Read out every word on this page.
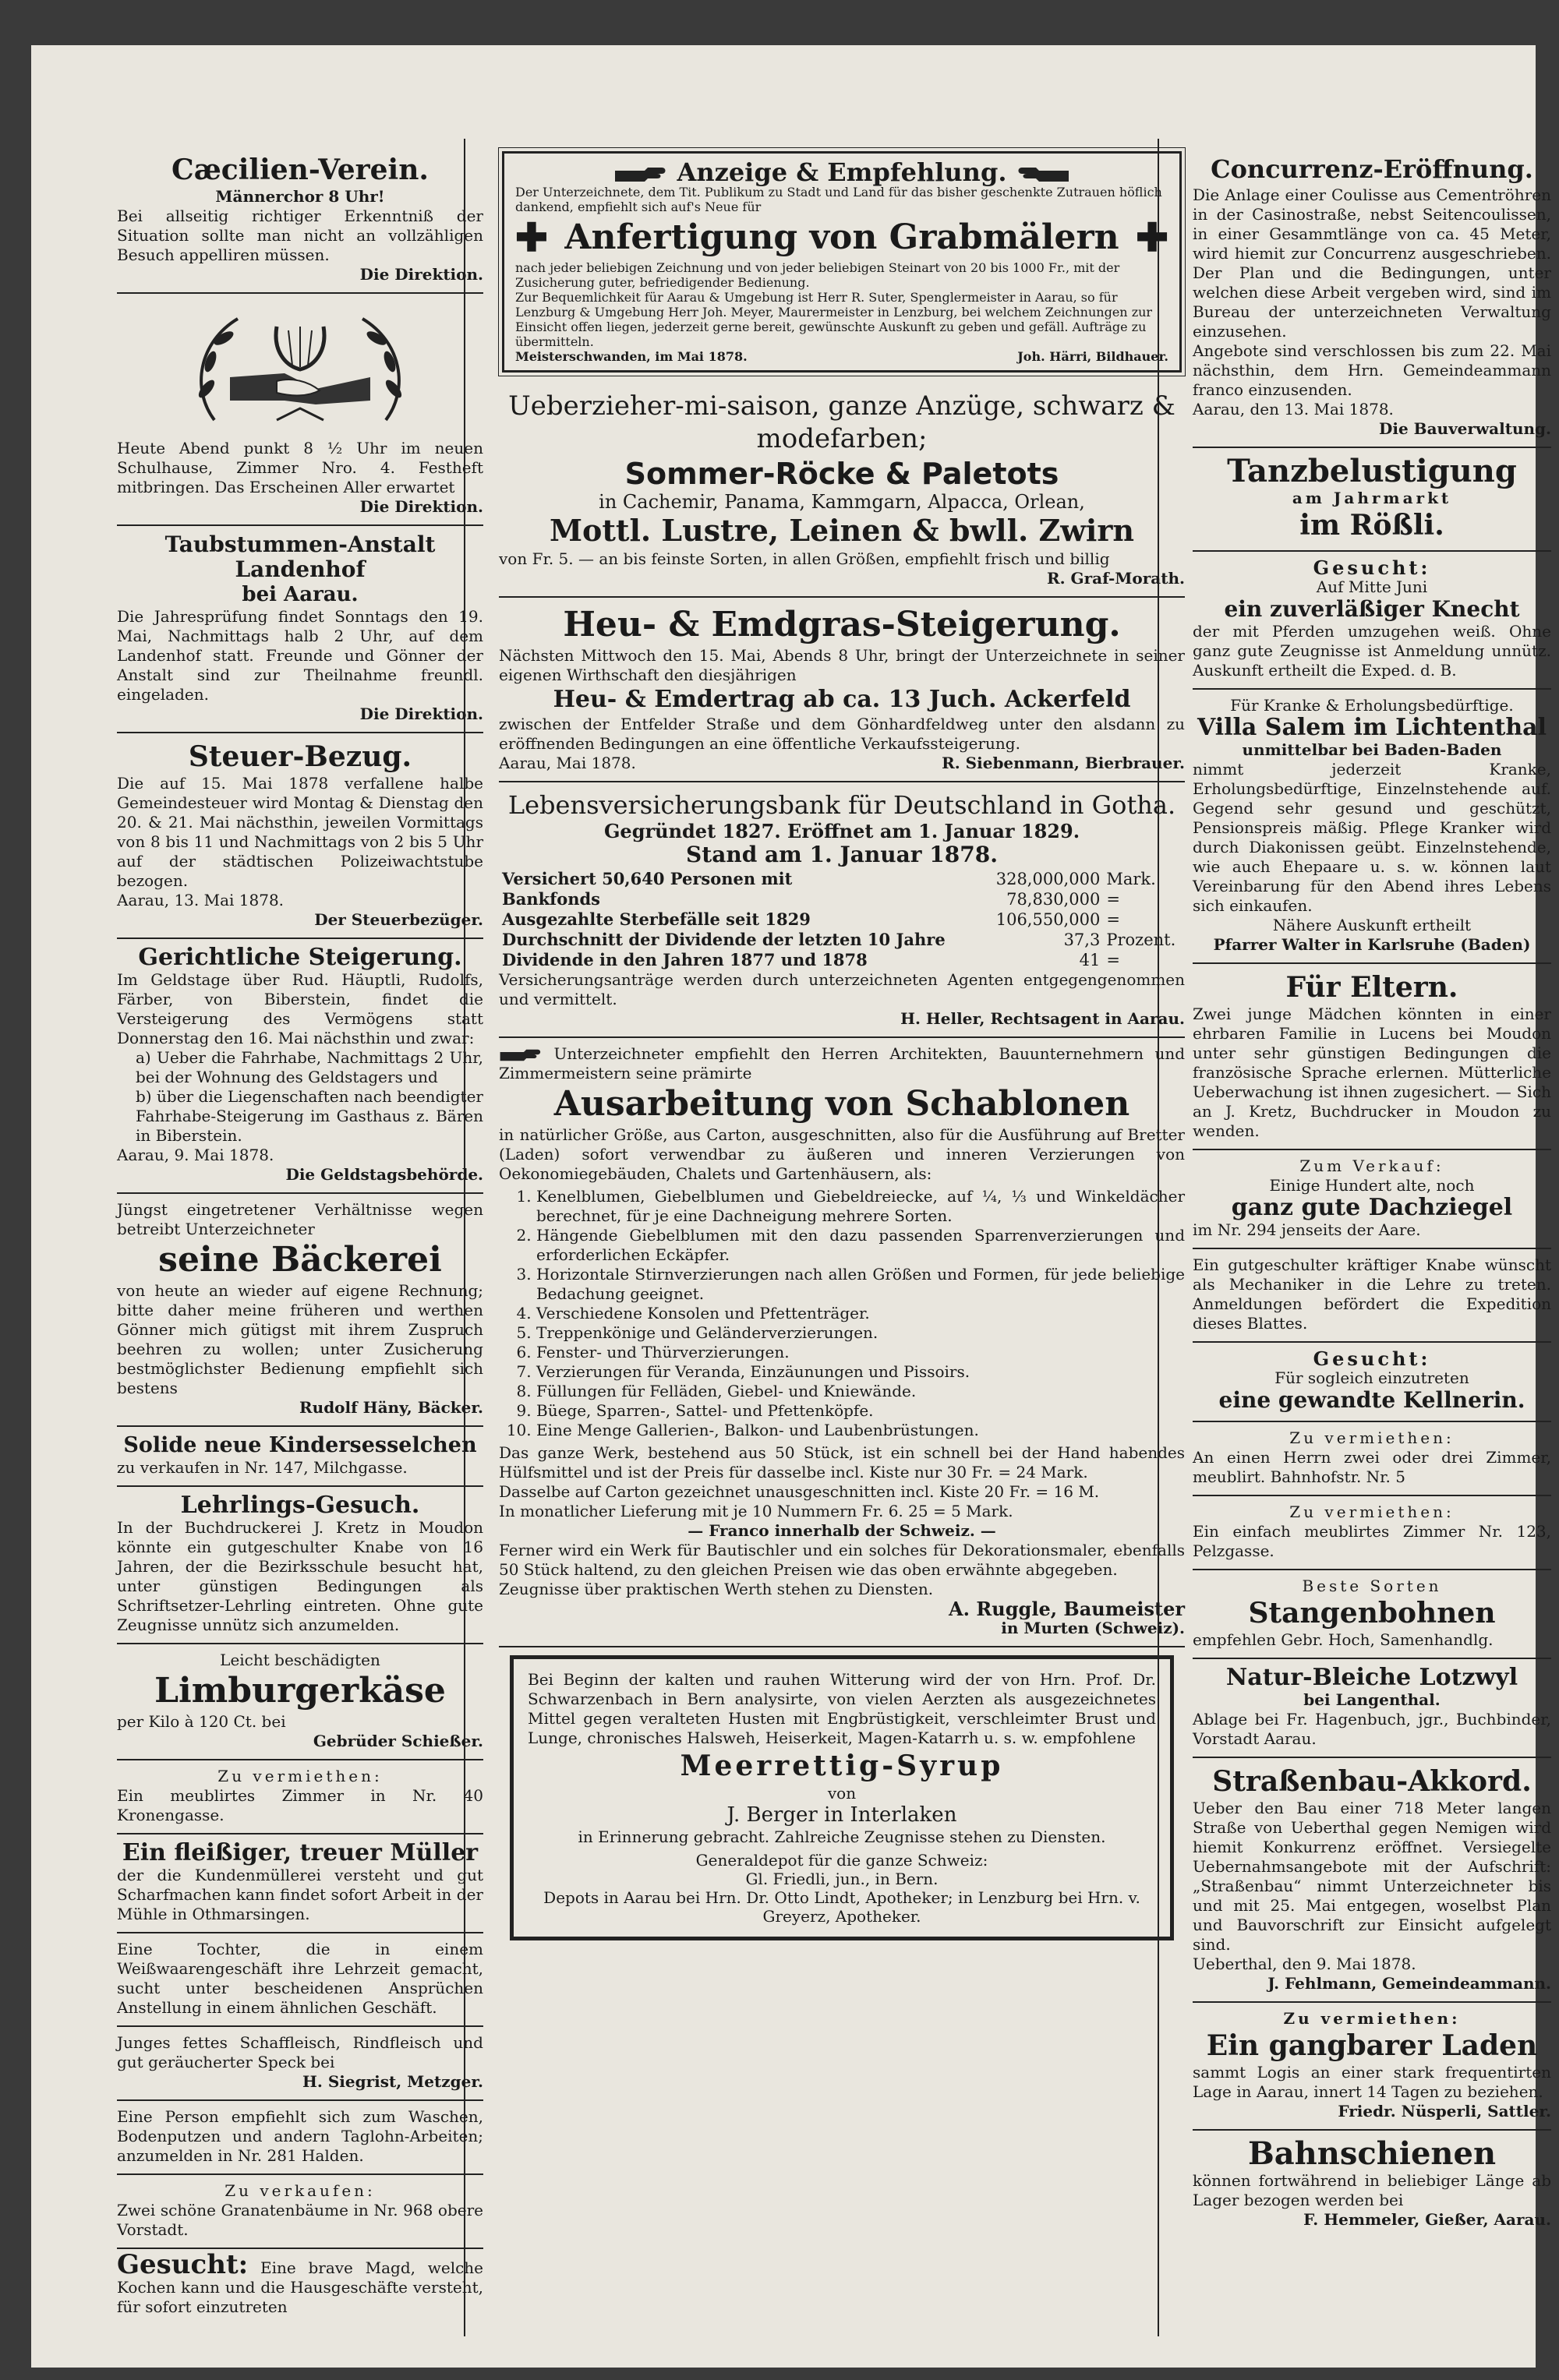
Cæcilien-Verein.
Männerchor 8 Uhr!
Bei allseitig richtiger Erkenntniß der Situation sollte man nicht an vollzähligen Besuch appelliren müssen.
Die Direktion.
Heute Abend punkt 8 ½ Uhr im neuen Schulhause, Zimmer Nro. 4. Festheft mitbringen. Das Erscheinen Aller erwartet
Die Direktion.
Taubstummen-Anstalt Landenhof
bei Aarau.
Die Jahresprüfung findet Sonntags den 19. Mai, Nachmittags halb 2 Uhr, auf dem Landenhof statt. Freunde und Gönner der Anstalt sind zur Theilnahme freundl. eingeladen.
Die Direktion.
Steuer-Bezug.
Die auf 15. Mai 1878 verfallene halbe Gemeindesteuer wird Montag & Dienstag den 20. & 21. Mai nächsthin, jeweilen Vormittags von 8 bis 11 und Nachmittags von 2 bis 5 Uhr auf der städtischen Polizeiwachtstube bezogen.
Aarau, 13. Mai 1878.
Der Steuerbezüger.
Gerichtliche Steigerung.
Im Geldstage über Rud. Häuptli, Rudolfs, Färber, von Biberstein, findet die Versteigerung des Vermögens statt Donnerstag den 16. Mai nächsthin und zwar:
a) Ueber die Fahrhabe, Nachmittags 2 Uhr, bei der Wohnung des Geldstagers und
b) über die Liegenschaften nach beendigter Fahrhabe-Steigerung im Gasthaus z. Bären in Biberstein.
Aarau, 9. Mai 1878.
Die Geldstagsbehörde.
Jüngst eingetretener Verhältnisse wegen betreibt Unterzeichneter
seine Bäckerei
von heute an wieder auf eigene Rechnung; bitte daher meine früheren und werthen Gönner mich gütigst mit ihrem Zuspruch beehren zu wollen; unter Zusicherung bestmöglichster Bedienung empfiehlt sich bestens
Rudolf Häny, Bäcker.
Solide neue Kindersesselchen
zu verkaufen in Nr. 147, Milchgasse.
Lehrlings-Gesuch.
In der Buchdruckerei J. Kretz in Moudon könnte ein gutgeschulter Knabe von 16 Jahren, der die Bezirksschule besucht hat, unter günstigen Bedingungen als Schriftsetzer-Lehrling eintreten. Ohne gute Zeugnisse unnütz sich anzumelden.
Leicht beschädigten
Limburgerkäse
per Kilo à 120 Ct. bei
Gebrüder Schießer.
Zu vermiethen:
Ein meublirtes Zimmer in Nr. 40 Kronengasse.
Ein fleißiger, treuer Müller
der die Kundenmüllerei versteht und gut Scharfmachen kann findet sofort Arbeit in der Mühle in Othmarsingen.
Eine Tochter, die in einem Weißwaarengeschäft ihre Lehrzeit gemacht, sucht unter bescheidenen Ansprüchen Anstellung in einem ähnlichen Geschäft.
Junges fettes Schaffleisch, Rindfleisch und gut geräucherter Speck bei
H. Siegrist, Metzger.
Eine Person empfiehlt sich zum Waschen, Bodenputzen und andern Taglohn-Arbeiten; anzumelden in Nr. 281 Halden.
Zu verkaufen:
Zwei schöne Granatenbäume in Nr. 968 obere Vorstadt.
Gesucht: Eine brave Magd, welche Kochen kann und die Hausgeschäfte versteht, für sofort einzutreten
Anzeige & Empfehlung.
Der Unterzeichnete, dem Tit. Publikum zu Stadt und Land für das bisher geschenkte Zutrauen höflich dankend, empfiehlt sich auf's Neue für
✚ Anfertigung von Grabmälern ✚
nach jeder beliebigen Zeichnung und von jeder beliebigen Steinart von 20 bis 1000 Fr., mit der Zusicherung guter, befriedigender Bedienung.
Zur Bequemlichkeit für Aarau & Umgebung ist Herr R. Suter, Spenglermeister in Aarau, so für Lenzburg & Umgebung Herr Joh. Meyer, Maurermeister in Lenzburg, bei welchem Zeichnungen zur Einsicht offen liegen, jederzeit gerne bereit, gewünschte Auskunft zu geben und gefäll. Aufträge zu übermitteln.
Meisterschwanden, im Mai 1878.	Joh. Härri, Bildhauer.
Ueberzieher-mi-saison, ganze Anzüge, schwarz & modefarben;
Sommer-Röcke & Paletots
in Cachemir, Panama, Kammgarn, Alpacca, Orlean,
Mottl. Lustre, Leinen & bwll. Zwirn
von Fr. 5. — an bis feinste Sorten, in allen Größen, empfiehlt frisch und billig
R. Graf-Morath.
Heu- & Emdgras-Steigerung.
Nächsten Mittwoch den 15. Mai, Abends 8 Uhr, bringt der Unterzeichnete in seiner eigenen Wirthschaft den diesjährigen
Heu- & Emdertrag ab ca. 13 Juch. Ackerfeld
zwischen der Entfelder Straße und dem Gönhardfeldweg unter den alsdann zu eröffnenden Bedingungen an eine öffentliche Verkaufssteigerung.
Aarau, Mai 1878.	R. Siebenmann, Bierbrauer.
Lebensversicherungsbank für Deutschland in Gotha.
Gegründet 1827. Eröffnet am 1. Januar 1829.
Stand am 1. Januar 1878.
Versichert 50,640 Personen mit	328,000,000	Mark.
Bankfonds	78,830,000	=
Ausgezahlte Sterbefälle seit 1829	106,550,000	=
Durchschnitt der Dividende der letzten 10 Jahre	37,3	Prozent.
Dividende in den Jahren 1877 und 1878	41	=
Versicherungsanträge werden durch unterzeichneten Agenten entgegengenommen und vermittelt.
H. Heller, Rechtsagent in Aarau.
Unterzeichneter empfiehlt den Herren Architekten, Bauunternehmern und Zimmermeistern seine prämirte
Ausarbeitung von Schablonen
in natürlicher Größe, aus Carton, ausgeschnitten, also für die Ausführung auf Bretter (Laden) sofort verwendbar zu äußeren und inneren Verzierungen von Oekonomiegebäuden, Chalets und Gartenhäusern, als:
1. Kenelblumen, Giebelblumen und Giebeldreiecke, auf ¼, ⅓ und Winkeldächer berechnet, für je eine Dachneigung mehrere Sorten.
2. Hängende Giebelblumen mit den dazu passenden Sparrenverzierungen und erforderlichen Eckäpfer.
3. Horizontale Stirnverzierungen nach allen Größen und Formen, für jede beliebige Bedachung geeignet.
4. Verschiedene Konsolen und Pfettenträger.
5. Treppenkönige und Geländerverzierungen.
6. Fenster- und Thürverzierungen.
7. Verzierungen für Veranda, Einzäunungen und Pissoirs.
8. Füllungen für Felläden, Giebel- und Kniewände.
9. Büege, Sparren-, Sattel- und Pfettenköpfe.
10. Eine Menge Gallerien-, Balkon- und Laubenbrüstungen.
Das ganze Werk, bestehend aus 50 Stück, ist ein schnell bei der Hand habendes Hülfsmittel und ist der Preis für dasselbe incl. Kiste nur 30 Fr. = 24 Mark.
Dasselbe auf Carton gezeichnet unausgeschnitten incl. Kiste 20 Fr. = 16 M.
In monatlicher Lieferung mit je 10 Nummern Fr. 6. 25 = 5 Mark.
— Franco innerhalb der Schweiz. —
Ferner wird ein Werk für Bautischler und ein solches für Dekorationsmaler, ebenfalls 50 Stück haltend, zu den gleichen Preisen wie das oben erwähnte abgegeben.
Zeugnisse über praktischen Werth stehen zu Diensten.
A. Ruggle, Baumeister
in Murten (Schweiz).
Bei Beginn der kalten und rauhen Witterung wird der von Hrn. Prof. Dr. Schwarzenbach in Bern analysirte, von vielen Aerzten als ausgezeichnetes Mittel gegen veralteten Husten mit Engbrüstigkeit, verschleimter Brust und Lunge, chronisches Halsweh, Heiserkeit, Magen-Katarrh u. s. w. empfohlene
Meerrettig-Syrup
von
J. Berger in Interlaken
in Erinnerung gebracht. Zahlreiche Zeugnisse stehen zu Diensten.
Generaldepot für die ganze Schweiz:
Gl. Friedli, jun., in Bern.
Depots in Aarau bei Hrn. Dr. Otto Lindt, Apotheker; in Lenzburg bei Hrn. v. Greyerz, Apotheker.
Concurrenz-Eröffnung.
Die Anlage einer Coulisse aus Cementröhren in der Casinostraße, nebst Seitencoulissen, in einer Gesammtlänge von ca. 45 Meter, wird hiemit zur Concurrenz ausgeschrieben. Der Plan und die Bedingungen, unter welchen diese Arbeit vergeben wird, sind im Bureau der unterzeichneten Verwaltung einzusehen.
Angebote sind verschlossen bis zum 22. Mai nächsthin, dem Hrn. Gemeindeammann franco einzusenden.
Aarau, den 13. Mai 1878.
Die Bauverwaltung.
Tanzbelustigung
am Jahrmarkt
im Rößli.
Gesucht:
Auf Mitte Juni
ein zuverläßiger Knecht
der mit Pferden umzugehen weiß. Ohne ganz gute Zeugnisse ist Anmeldung unnütz. Auskunft ertheilt die Exped. d. B.
Für Kranke & Erholungsbedürftige.
Villa Salem im Lichtenthal
unmittelbar bei Baden-Baden
nimmt jederzeit Kranke, Erholungsbedürftige, Einzelnstehende auf. Gegend sehr gesund und geschützt, Pensionspreis mäßig. Pflege Kranker wird durch Diakonissen geübt. Einzelnstehende, wie auch Ehepaare u. s. w. können laut Vereinbarung für den Abend ihres Lebens sich einkaufen.
Nähere Auskunft ertheilt
Pfarrer Walter in Karlsruhe (Baden)
Für Eltern.
Zwei junge Mädchen könnten in einer ehrbaren Familie in Lucens bei Moudon unter sehr günstigen Bedingungen die französische Sprache erlernen. Mütterliche Ueberwachung ist ihnen zugesichert. — Sich an J. Kretz, Buchdrucker in Moudon zu wenden.
Zum Verkauf:
Einige Hundert alte, noch
ganz gute Dachziegel
im Nr. 294 jenseits der Aare.
Ein gutgeschulter kräftiger Knabe wünscht als Mechaniker in die Lehre zu treten. Anmeldungen befördert die Expedition dieses Blattes.
Gesucht:
Für sogleich einzutreten
eine gewandte Kellnerin.
Zu vermiethen:
An einen Herrn zwei oder drei Zimmer, meublirt. Bahnhofstr. Nr. 5
Zu vermiethen:
Ein einfach meublirtes Zimmer Nr. 123, Pelzgasse.
Beste Sorten
Stangenbohnen
empfehlen Gebr. Hoch, Samenhandlg.
Natur-Bleiche Lotzwyl
bei Langenthal.
Ablage bei Fr. Hagenbuch, jgr., Buchbinder, Vorstadt Aarau.
Straßenbau-Akkord.
Ueber den Bau einer 718 Meter langen Straße von Ueberthal gegen Nemigen wird hiemit Konkurrenz eröffnet. Versiegelte Uebernahmsangebote mit der Aufschrift: „Straßenbau“ nimmt Unterzeichneter bis und mit 25. Mai entgegen, woselbst Plan und Bauvorschrift zur Einsicht aufgelegt sind.
Ueberthal, den 9. Mai 1878.
J. Fehlmann, Gemeindeammann.
Zu vermiethen:
Ein gangbarer Laden
sammt Logis an einer stark frequentirten Lage in Aarau, innert 14 Tagen zu beziehen.
Friedr. Nüsperli, Sattler.
Bahnschienen
können fortwährend in beliebiger Länge ab Lager bezogen werden bei
F. Hemmeler, Gießer, Aarau.
